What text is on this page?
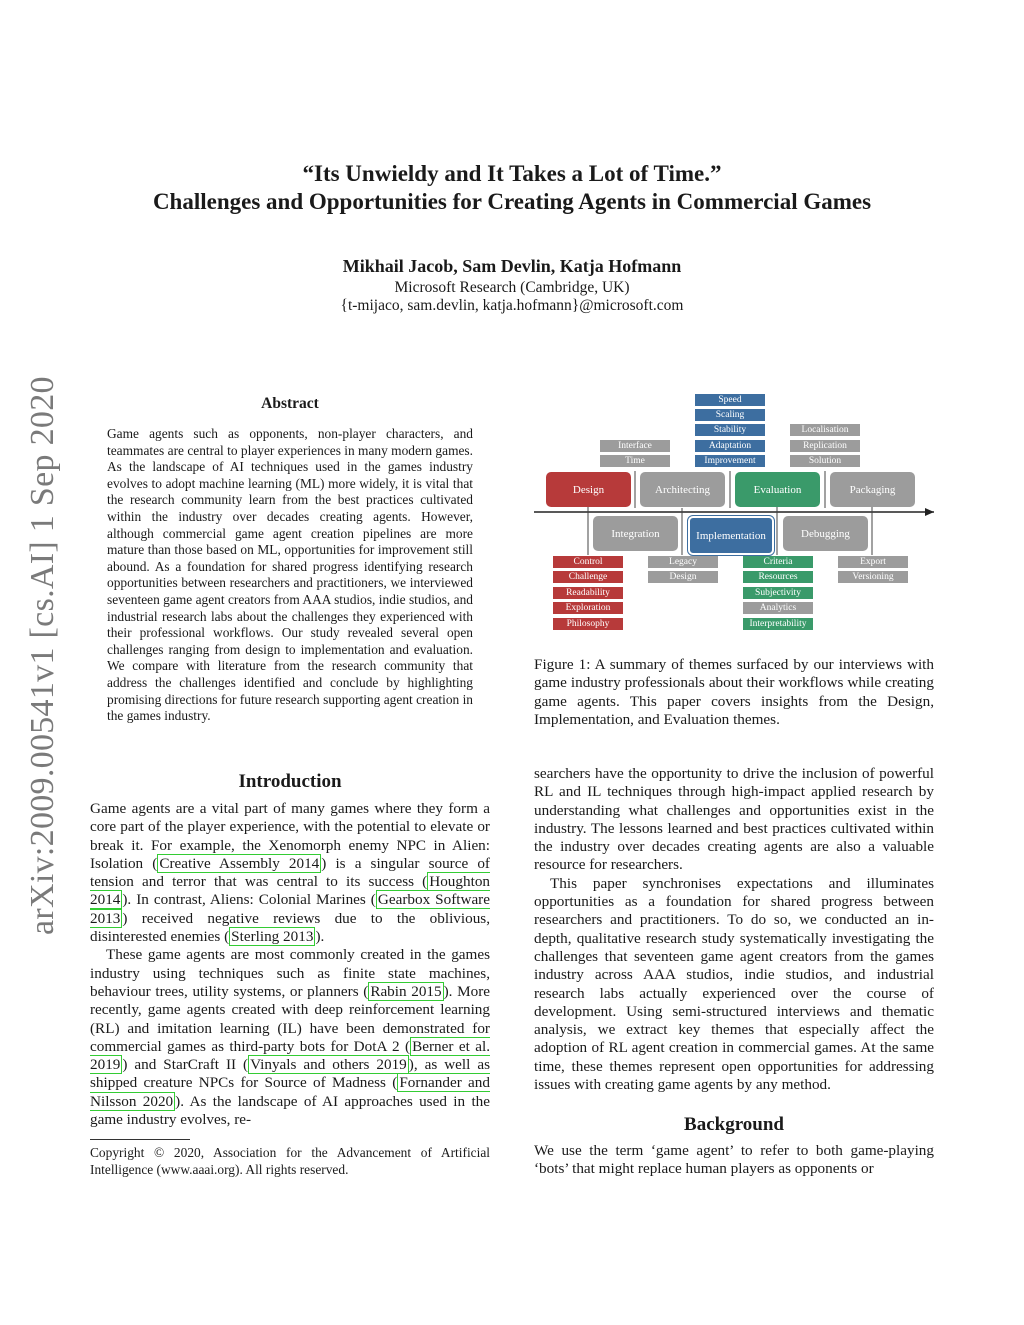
“Its Unwieldy and It Takes a Lot of Time.”
Challenges and Opportunities for Creating Agents in Commercial Games
Mikhail Jacob, Sam Devlin, Katja Hofmann
Microsoft Research (Cambridge, UK)
{t-mijaco, sam.devlin, katja.hofmann}@microsoft.com
arXiv:2009.00541v1 [cs.AI] 1 Sep 2020	Abstract
Game agents such as opponents, non-player characters, and teammates are central to player experiences in many modern games. As the landscape of AI techniques used in the games industry evolves to adopt machine learning (ML) more widely, it is vital that the research community learn from the best practices cultivated within the industry over decades creating agents. However, although commercial game agent creation pipelines are more mature than those based on ML, opportunities for improvement still abound. As a foundation for shared progress identifying research opportunities between researchers and practitioners, we interviewed seventeen game agent creators from AAA studios, indie studios, and industrial research labs about the challenges they experienced with their professional workflows. Our study revealed several open challenges ranging from design to implementation and evaluation. We compare with literature from the research community that address the challenges identified and conclude by highlighting promising directions for future research supporting agent creation in the games industry.
Introduction

Game agents are a vital part of many games where they form a core part of the player experience, with the potential to elevate or break it. For example, the Xenomorph enemy NPC in Alien: Isolation ( Creative Assembly 2014 ) is a singular source of tension and terror that was central to its success ( Houghton 2014 ). In contrast, Aliens: Colonial Marines ( Gearbox Software 2013 ) received negative reviews due to the oblivious, disinterested enemies ( Sterling 2013 ).

These game agents are most commonly created in the games industry using techniques such as finite state machines, behaviour trees, utility systems, or planners ( Rabin 2015 ). More recently, game agents created with deep reinforcement learning (RL) and imitation learning (IL) have been demonstrated for commercial games as third-party bots for DotA 2 ( Berner et al. 2019 ) and StarCraft II ( Vinyals and others 2019 ), as well as shipped creature NPCs for Source of Madness ( Fornander and Nilsson 2020 ). As the landscape of AI approaches used in the game industry evolves, re-

Copyright © 2020, Association for the Advancement of Artificial Intelligence (www.aaai.org). All rights reserved.
Speed
Scaling
Stability
Adaptation
Improvement
Interface
Time
Localisation
Replication
Solution
Design	Architecting	Evaluation	Packaging
Integration	Implementation	Debugging
Control
Challenge
Readability
Exploration
Philosophy
Legacy
Design
Criteria
Resources
Subjectivity
Analytics
Interpretability
Export
Versioning
Figure 1: A summary of themes surfaced by our interviews with game industry professionals about their workflows while creating game agents. This paper covers insights from the Design, Implementation, and Evaluation themes.

searchers have the opportunity to drive the inclusion of powerful RL and IL techniques through high-impact applied research by understanding what challenges and opportunities exist in the industry. The lessons learned and best practices cultivated within the industry over decades creating agents are also a valuable resource for researchers.

This paper synchronises expectations and illuminates opportunities as a foundation for shared progress between researchers and practitioners. To do so, we conducted an in-depth, qualitative research study systematically investigating the challenges that seventeen game agent creators from the games industry across AAA studios, indie studios, and industrial research labs actually experienced over the course of development. Using semi-structured interviews and thematic analysis, we extract key themes that especially affect the adoption of RL agent creation in commercial games. At the same time, these themes represent open opportunities for addressing issues with creating game agents by any method.

Background

We use the term ‘game agent’ to refer to both game-playing ‘bots’ that might replace human players as opponents or
